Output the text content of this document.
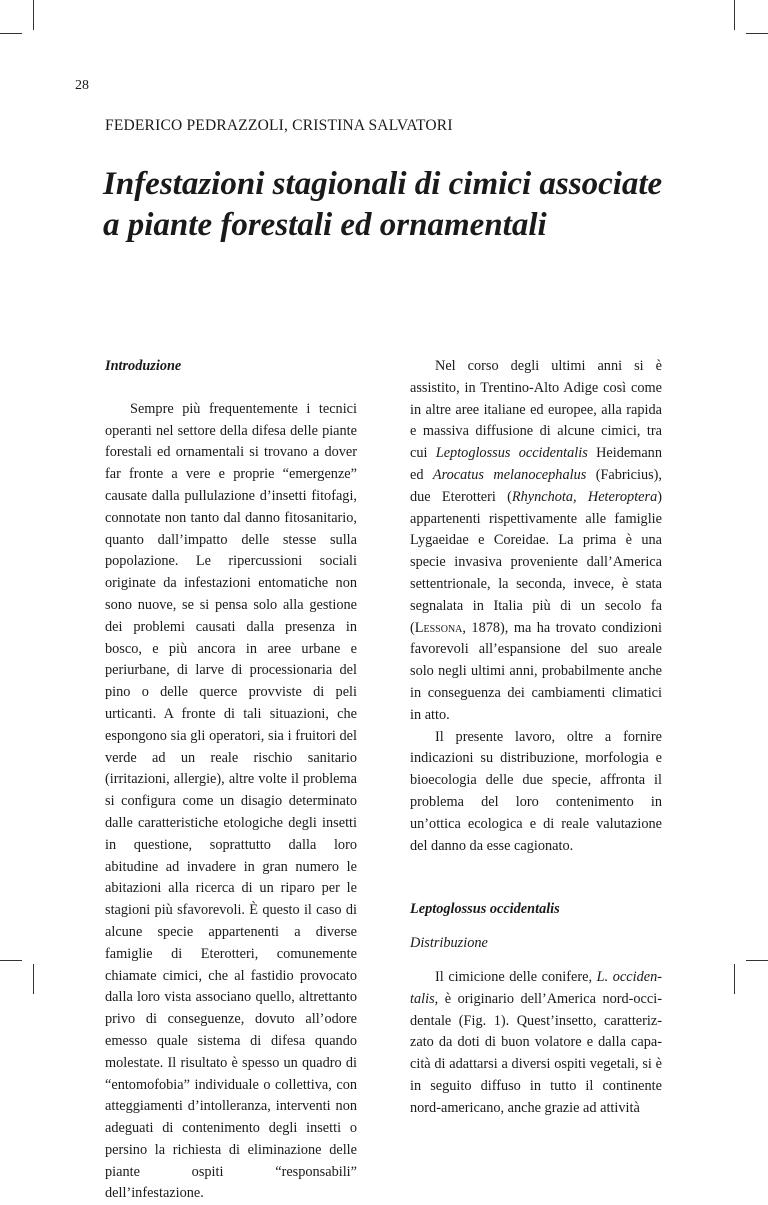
28
FEDERICO PEDRAZZOLI, CRISTINA SALVATORI
Infestazioni stagionali di cimici associate
a piante forestali ed ornamentali

Introduzione

Sempre più frequentemente i tecnici operanti nel settore della difesa delle piante forestali ed ornamentali si trovano a dover far fronte a vere e proprie “emergenze” causate dalla pullulazione d’insetti fitofagi, connotate non tanto dal danno fitosanitario, quanto dall’impatto delle stesse sulla popolazione. Le ripercussioni sociali originate da infestazioni entomatiche non sono nuove, se si pensa solo alla gestione dei problemi causati dalla presenza in bosco, e più ancora in aree urbane e periurbane, di larve di processionaria del pino o delle querce provviste di peli urticanti. A fronte di tali situazioni, che espongono sia gli operatori, sia i fruitori del verde ad un reale rischio sanitario (irritazioni, allergie), altre volte il problema si configura come un disagio determinato dalle caratteristiche etologiche degli insetti in questione, soprattutto dalla loro abitudine ad invadere in gran numero le abitazioni alla ricerca di un riparo per le stagioni più sfavorevoli. È questo il caso di alcune specie appartenenti a diverse famiglie di Eterotteri, comunemente chiamate cimici, che al fastidio provocato dalla loro vista associano quello, altrettanto privo di conseguenze, dovuto all’odore emesso quale sistema di difesa quando molestate. Il risultato è spesso un quadro di “entomofobia” individuale o collettiva, con atteggiamenti d’intolleranza, interventi non adeguati di contenimento degli insetti o persino la richiesta di eliminazione delle piante ospiti “responsabili” dell’infestazione.

Nel corso degli ultimi anni si è assistito, in Trentino-Alto Adige così come in altre aree italiane ed europee, alla rapida e massiva diffusione di alcune cimici, tra cui Leptoglossus occidentalis Heidemann ed Arocatus melanocephalus (Fabricius), due Eterotteri (Rhynchota, Heteroptera) appartenenti rispettivamente alle famiglie Lygaeidae e Coreidae. La prima è una specie invasiva proveniente dall’America settentrionale, la seconda, invece, è stata segnalata in Italia più di un secolo fa (Lessona, 1878), ma ha trovato condizioni favorevoli all’espansione del suo areale solo negli ultimi anni, probabilmente anche in conseguenza dei cambiamenti climatici in atto.

Il presente lavoro, oltre a fornire indicazioni su distribuzione, morfologia e bioecologia delle due specie, affronta il problema del loro contenimento in un’ottica ecologica e di reale valutazione del danno da esse cagionato.

Leptoglossus occidentalis

Distribuzione

Il cimicione delle conifere, L. occidentalis, è originario dell’America nord-occidentale (Fig. 1). Quest’insetto, caratterizzato da doti di buon volatore e dalla capacità di adattarsi a diversi ospiti vegetali, si è in seguito diffuso in tutto il continente nord-americano, anche grazie ad attività
